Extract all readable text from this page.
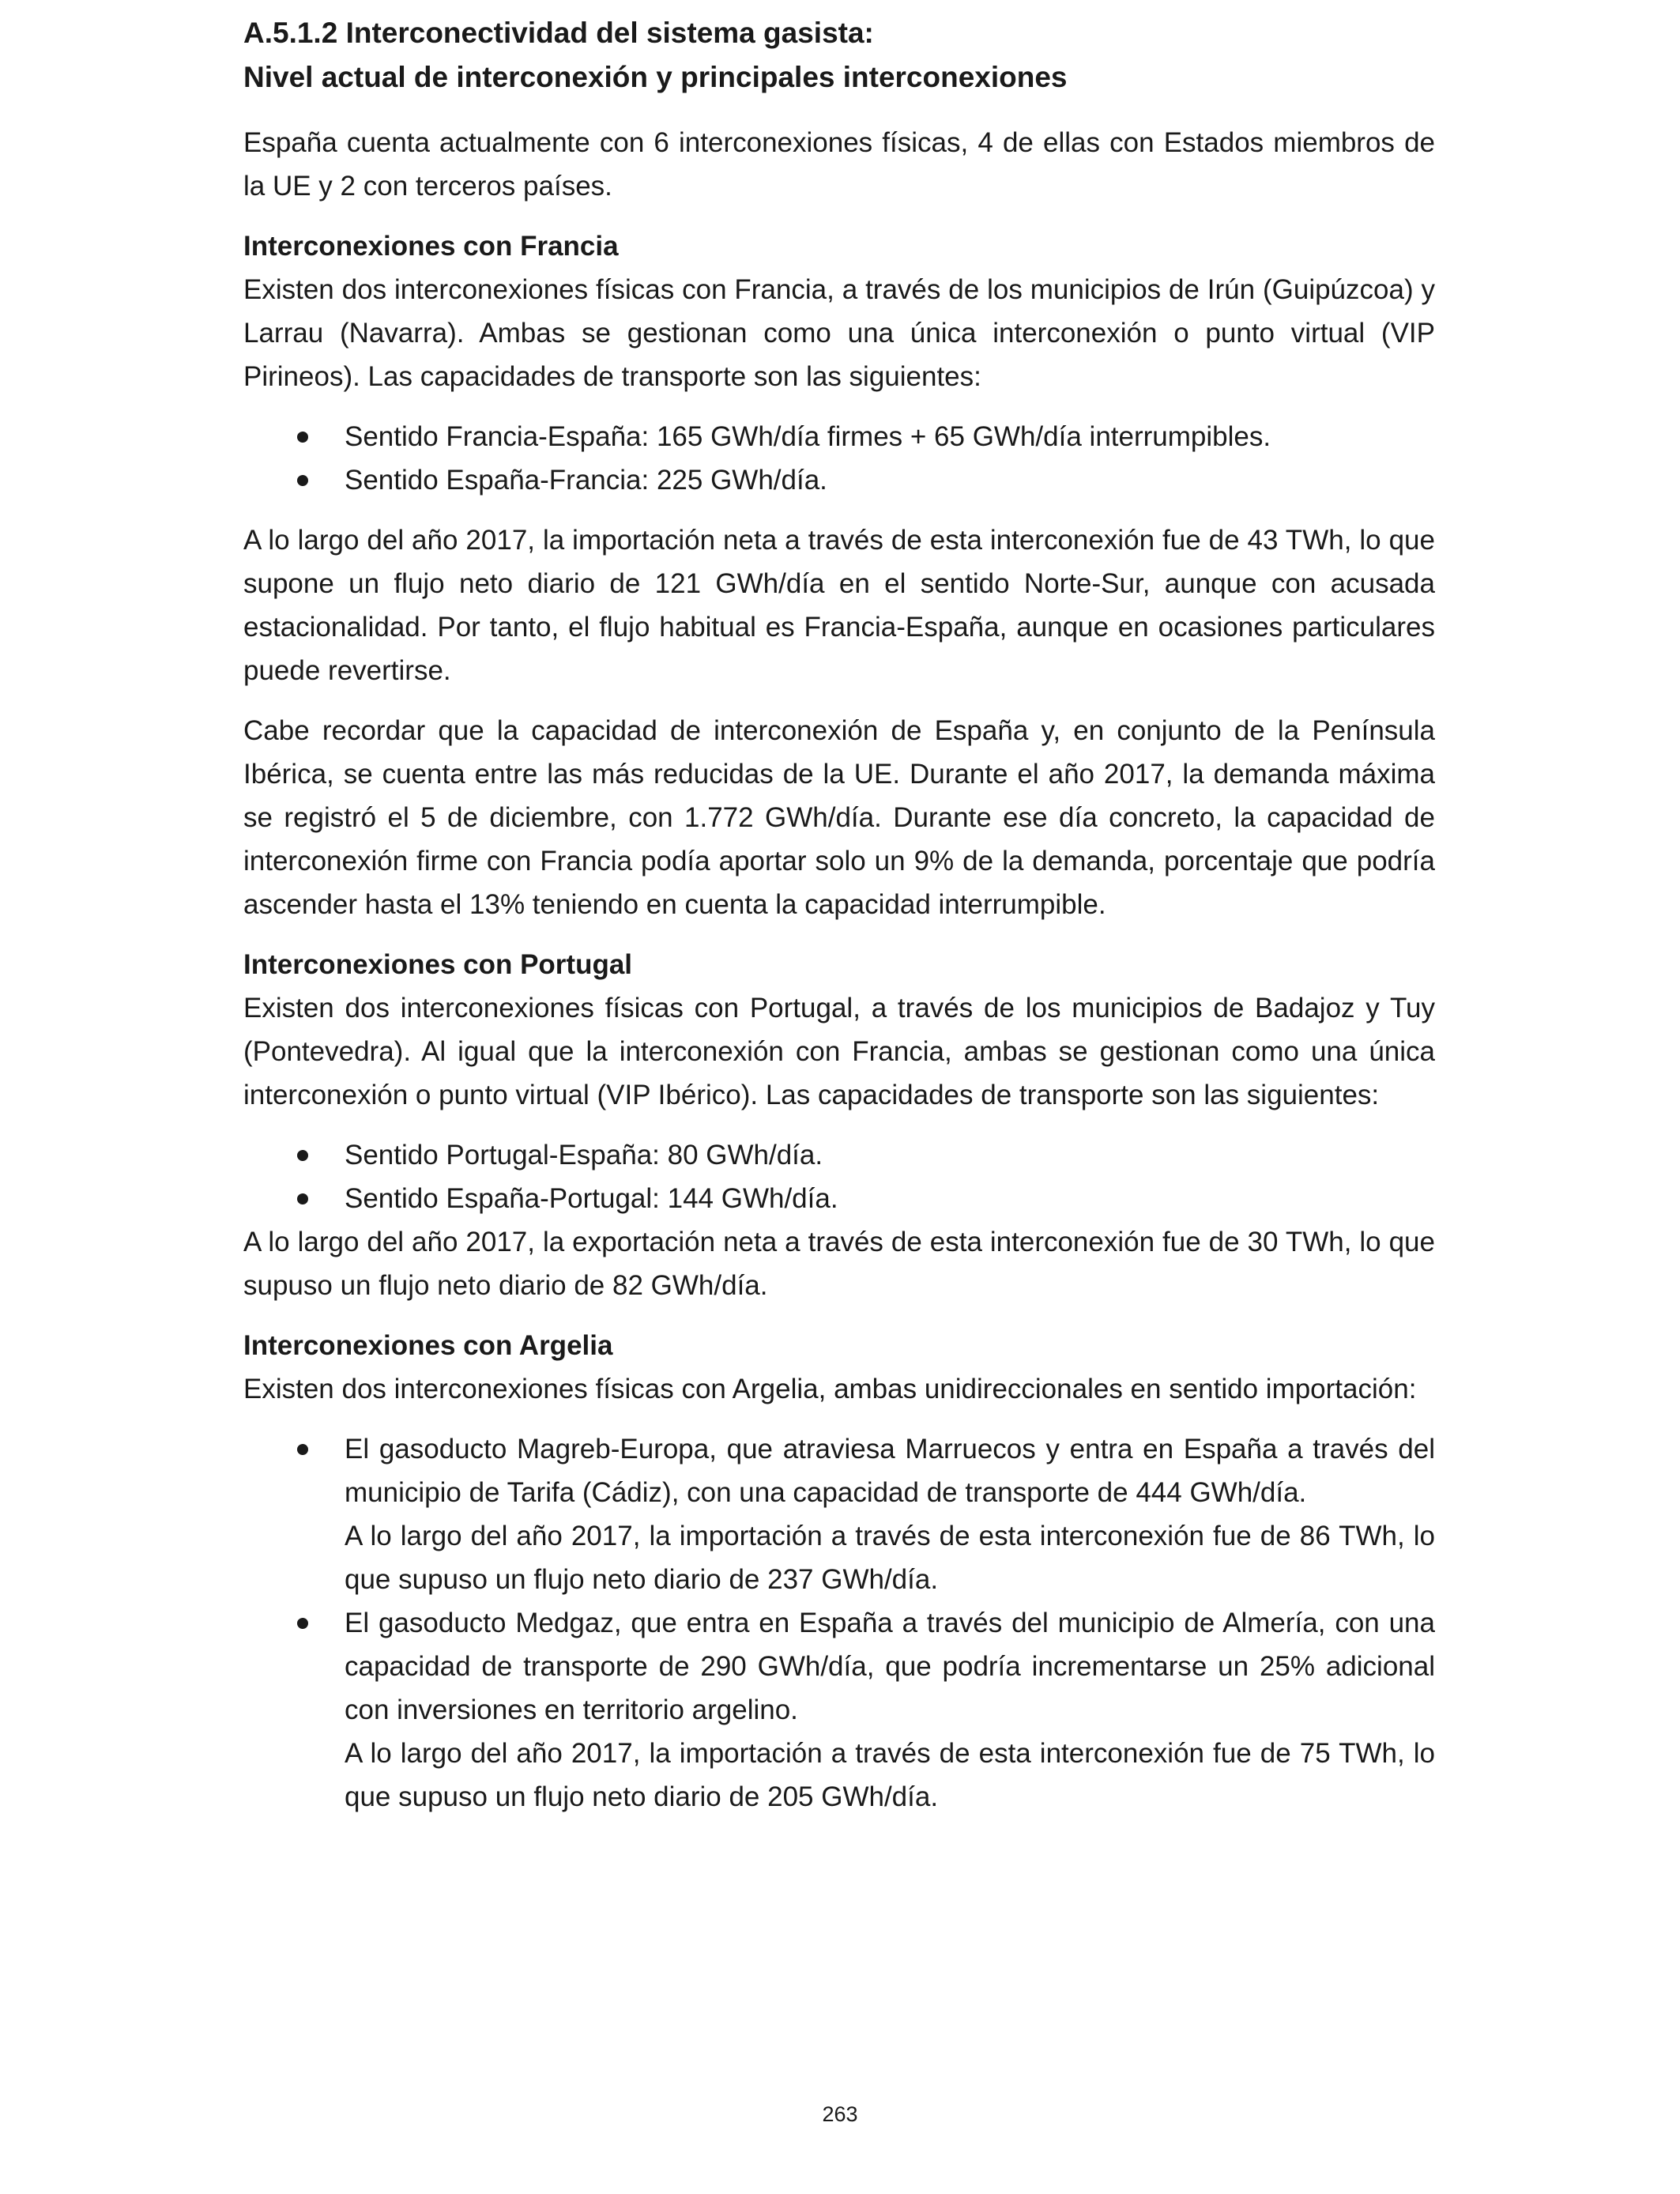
A.5.1.2 Interconectividad del sistema gasista:
Nivel actual de interconexión y principales interconexiones

España cuenta actualmente con 6 interconexiones físicas, 4 de ellas con Estados miembros de la UE y 2 con terceros países.

Interconexiones con Francia

Existen dos interconexiones físicas con Francia, a través de los municipios de Irún (Guipúzcoa) y Larrau (Navarra). Ambas se gestionan como una única interconexión o punto virtual (VIP Pirineos). Las capacidades de transporte son las siguientes:

Sentido Francia-España: 165 GWh/día firmes + 65 GWh/día interrumpibles.
Sentido España-Francia: 225 GWh/día.

A lo largo del año 2017, la importación neta a través de esta interconexión fue de 43 TWh, lo que supone un flujo neto diario de 121 GWh/día en el sentido Norte-Sur, aunque con acusada estacionalidad. Por tanto, el flujo habitual es Francia-España, aunque en ocasiones particulares puede revertirse.

Cabe recordar que la capacidad de interconexión de España y, en conjunto de la Península Ibérica, se cuenta entre las más reducidas de la UE. Durante el año 2017, la demanda máxima se registró el 5 de diciembre, con 1.772 GWh/día. Durante ese día concreto, la capacidad de interconexión firme con Francia podía aportar solo un 9% de la demanda, porcentaje que podría ascender hasta el 13% teniendo en cuenta la capacidad interrumpible.

Interconexiones con Portugal

Existen dos interconexiones físicas con Portugal, a través de los municipios de Badajoz y Tuy (Pontevedra). Al igual que la interconexión con Francia, ambas se gestionan como una única interconexión o punto virtual (VIP Ibérico). Las capacidades de transporte son las siguientes:

Sentido Portugal-España: 80 GWh/día.
Sentido España-Portugal: 144 GWh/día.

A lo largo del año 2017, la exportación neta a través de esta interconexión fue de 30 TWh, lo que supuso un flujo neto diario de 82 GWh/día.

Interconexiones con Argelia

Existen dos interconexiones físicas con Argelia, ambas unidireccionales en sentido importación:

El gasoducto Magreb-Europa, que atraviesa Marruecos y entra en España a través del municipio de Tarifa (Cádiz), con una capacidad de transporte de 444 GWh/día.
A lo largo del año 2017, la importación a través de esta interconexión fue de 86 TWh, lo que supuso un flujo neto diario de 237 GWh/día.
El gasoducto Medgaz, que entra en España a través del municipio de Almería, con una capacidad de transporte de 290 GWh/día, que podría incrementarse un 25% adicional con inversiones en territorio argelino.
A lo largo del año 2017, la importación a través de esta interconexión fue de 75 TWh, lo que supuso un flujo neto diario de 205 GWh/día.
263
